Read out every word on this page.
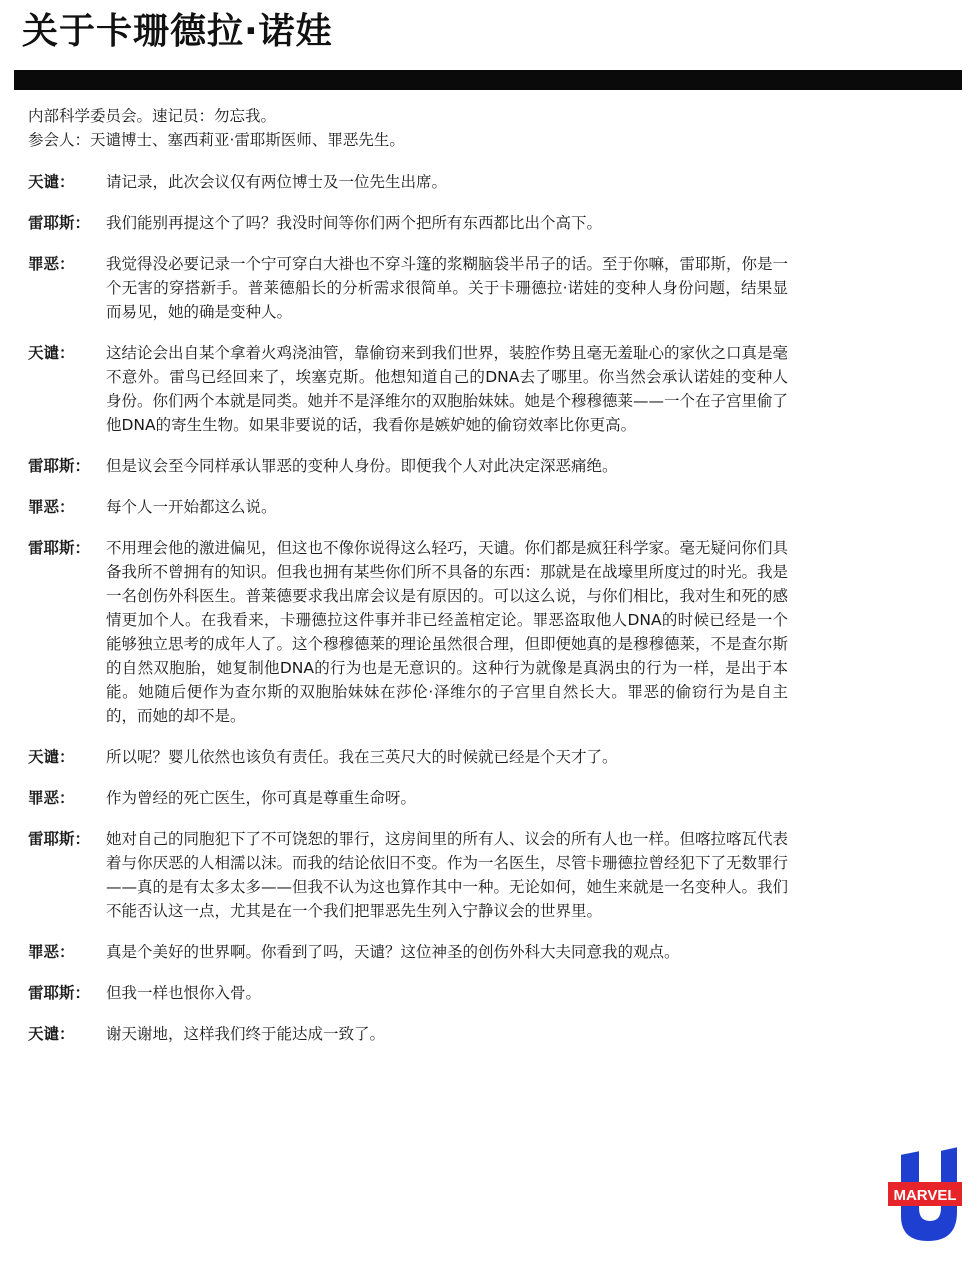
关于卡珊德拉·诺娃
内部科学委员会。速记员：勿忘我。
参会人：天谴博士、塞西莉亚·雷耶斯医师、罪恶先生。
天谴：	请记录，此次会议仅有两位博士及一位先生出席。
雷耶斯：	我们能别再提这个了吗？我没时间等你们两个把所有东西都比出个高下。
罪恶：	我觉得没必要记录一个宁可穿白大褂也不穿斗篷的浆糊脑袋半吊子的话。至于你嘛，雷耶斯，你是一个无害的穿搭新手。普莱德船长的分析需求很简单。关于卡珊德拉·诺娃的变种人身份问题，结果显而易见，她的确是变种人。
天谴：	这结论会出自某个拿着火鸡浇油管，靠偷窃来到我们世界，装腔作势且毫无羞耻心的家伙之口真是毫不意外。雷鸟已经回来了，埃塞克斯。他想知道自己的DNA去了哪里。你当然会承认诺娃的变种人身份。你们两个本就是同类。她并不是泽维尔的双胞胎妹妹。她是个穆穆德莱——一个在子宫里偷了他DNA的寄生生物。如果非要说的话，我看你是嫉妒她的偷窃效率比你更高。
雷耶斯：	但是议会至今同样承认罪恶的变种人身份。即便我个人对此决定深恶痛绝。
罪恶：	每个人一开始都这么说。
雷耶斯：	不用理会他的激进偏见，但这也不像你说得这么轻巧，天谴。你们都是疯狂科学家。毫无疑问你们具备我所不曾拥有的知识。但我也拥有某些你们所不具备的东西：那就是在战壕里所度过的时光。我是一名创伤外科医生。普莱德要求我出席会议是有原因的。可以这么说，与你们相比，我对生和死的感情更加个人。在我看来，卡珊德拉这件事并非已经盖棺定论。罪恶盗取他人DNA的时候已经是一个能够独立思考的成年人了。这个穆穆德莱的理论虽然很合理，但即便她真的是穆穆德莱，不是查尔斯的自然双胞胎，她复制他DNA的行为也是无意识的。这种行为就像是真涡虫的行为一样，是出于本能。她随后便作为查尔斯的双胞胎妹妹在莎伦·泽维尔的子宫里自然长大。罪恶的偷窃行为是自主的，而她的却不是。
天谴：	所以呢？婴儿依然也该负有责任。我在三英尺大的时候就已经是个天才了。
罪恶：	作为曾经的死亡医生，你可真是尊重生命呀。
雷耶斯：	她对自己的同胞犯下了不可饶恕的罪行，这房间里的所有人、议会的所有人也一样。但喀拉喀瓦代表着与你厌恶的人相濡以沫。而我的结论依旧不变。作为一名医生，尽管卡珊德拉曾经犯下了无数罪行——真的是有太多太多——但我不认为这也算作其中一种。无论如何，她生来就是一名变种人。我们不能否认这一点，尤其是在一个我们把罪恶先生列入宁静议会的世界里。
罪恶：	真是个美好的世界啊。你看到了吗，天谴？这位神圣的创伤外科大夫同意我的观点。
雷耶斯：	但我一样也恨你入骨。
天谴：	谢天谢地，这样我们终于能达成一致了。
MARVEL
